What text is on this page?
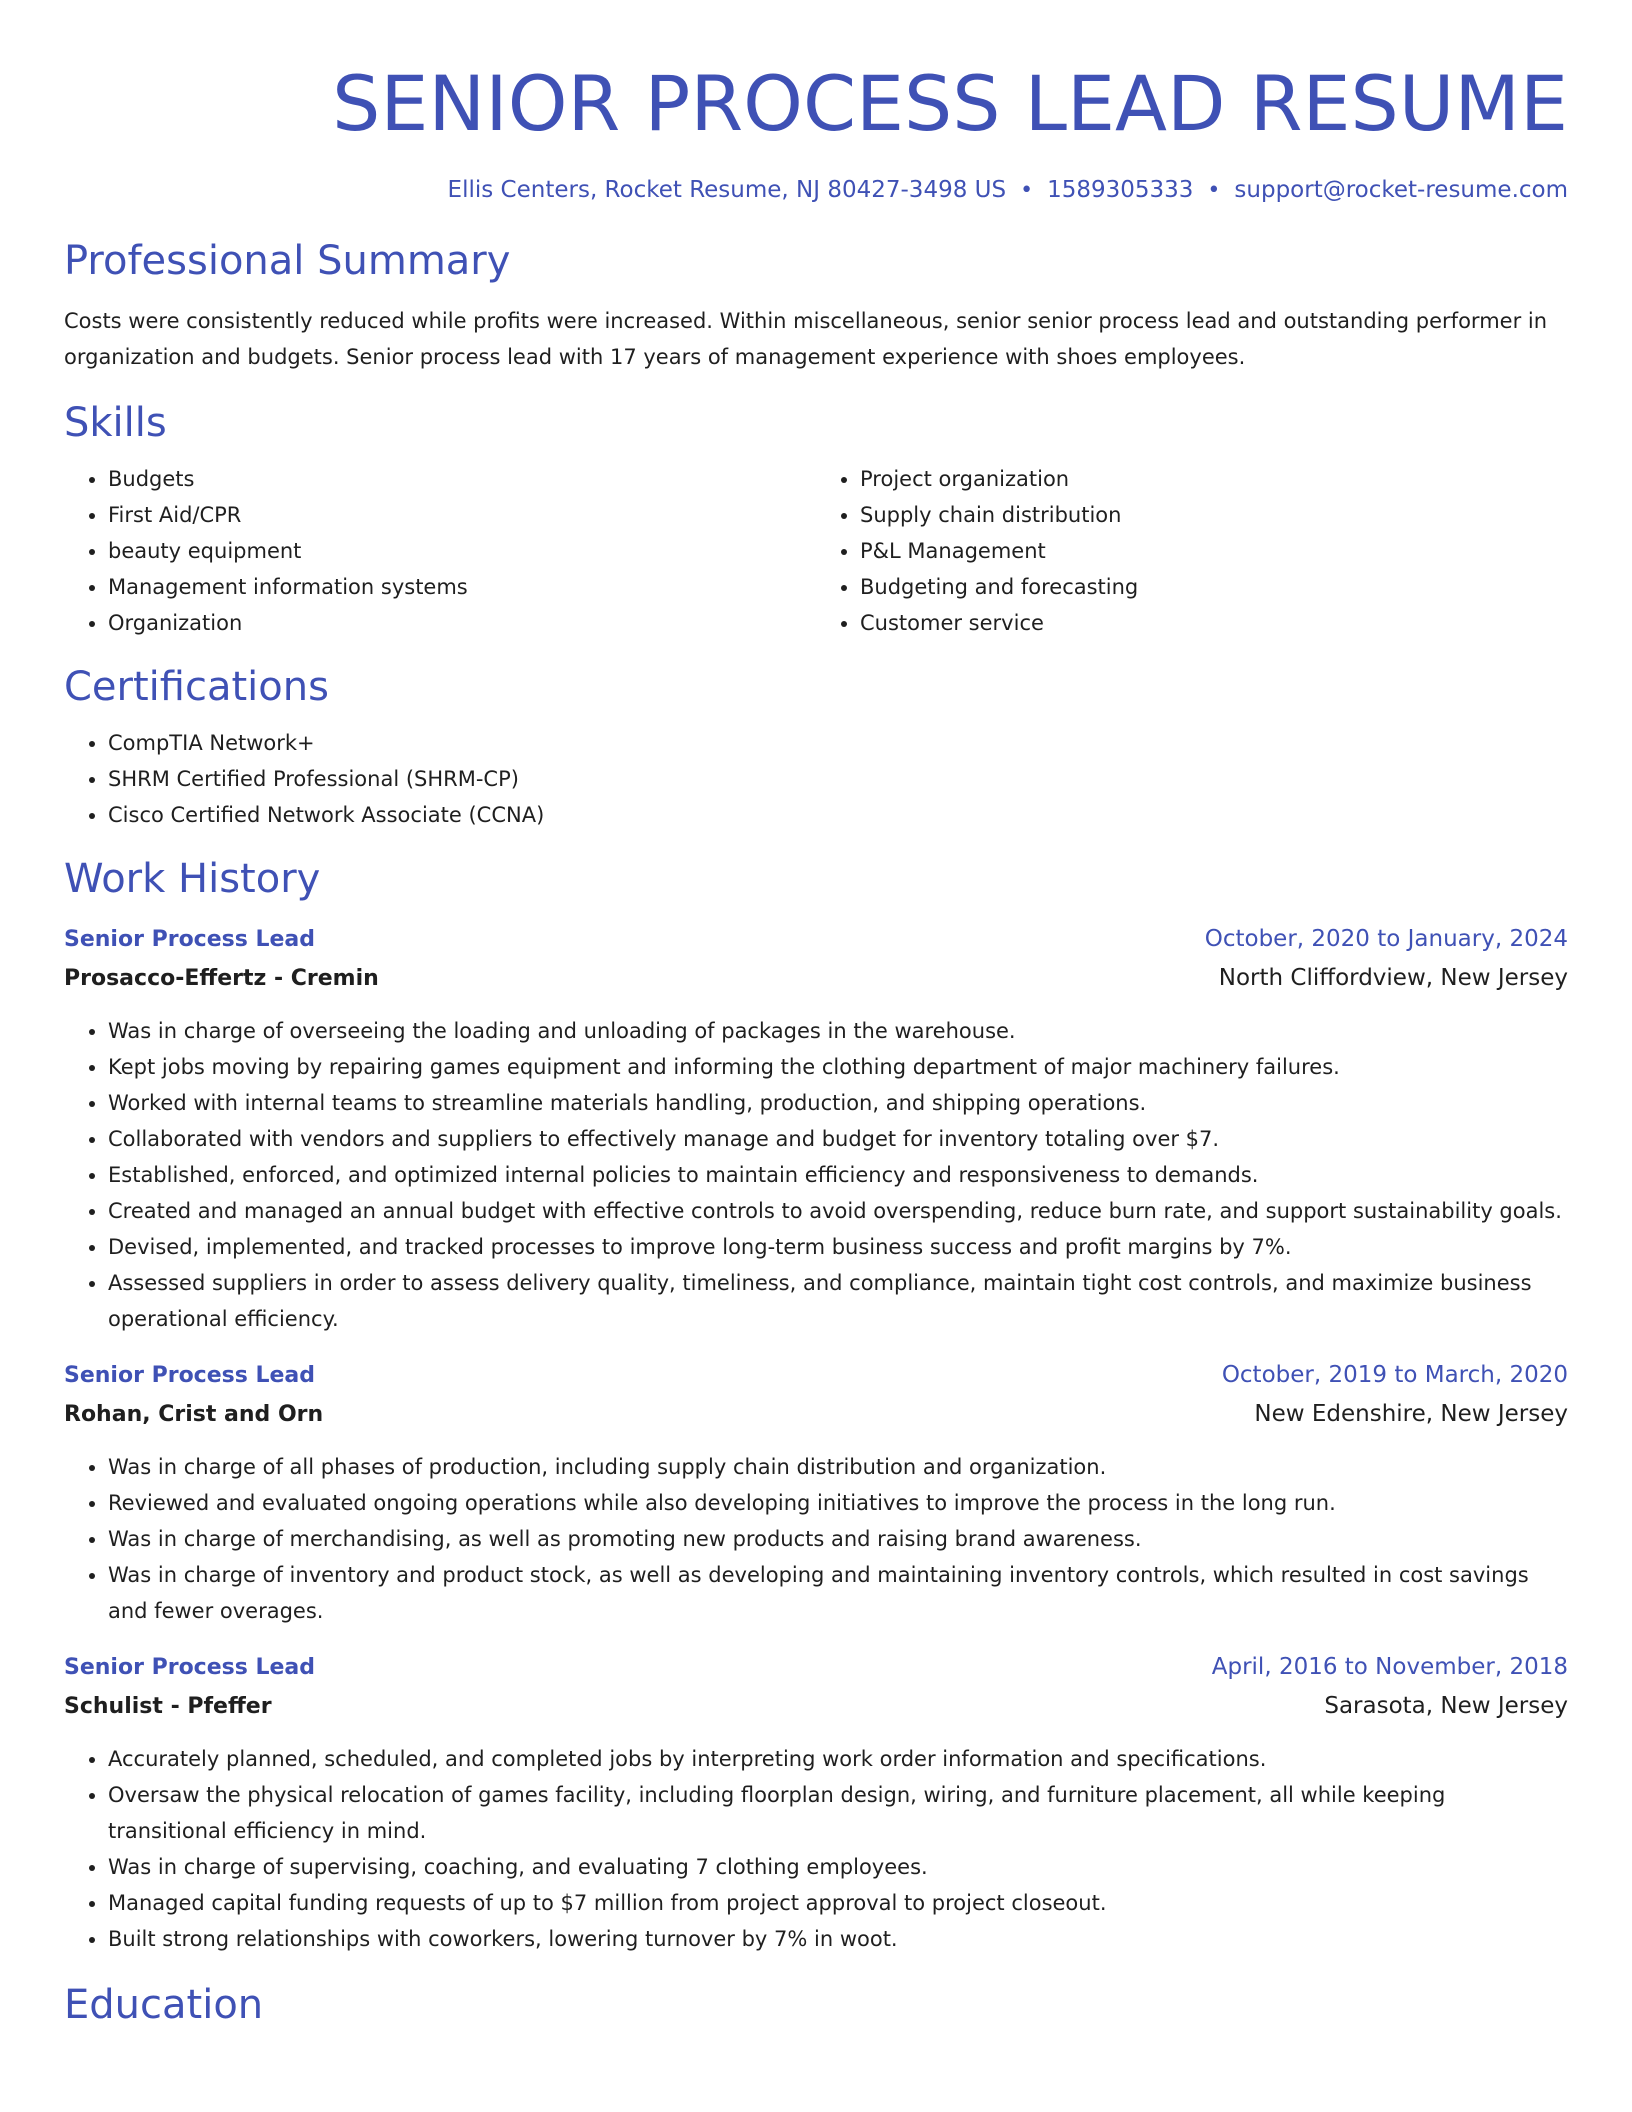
SENIOR PROCESS LEAD RESUME
Ellis Centers, Rocket Resume, NJ 80427-3498 US • 1589305333 • support@rocket-resume.com
Professional Summary
Costs were consistently reduced while profits were increased. Within miscellaneous, senior senior process lead and outstanding performer in organization and budgets. Senior process lead with 17 years of management experience with shoes employees.
Skills
• Budgets
• First Aid/CPR
• beauty equipment
• Management information systems
• Organization
• Project organization
• Supply chain distribution
• P&L Management
• Budgeting and forecasting
• Customer service
Certifications
• CompTIA Network+
• SHRM Certified Professional (SHRM-CP)
• Cisco Certified Network Associate (CCNA)
Work History
Senior Process Lead	October, 2020 to January, 2024
Prosacco-Effertz - Cremin	North Cliffordview, New Jersey
• Was in charge of overseeing the loading and unloading of packages in the warehouse.
• Kept jobs moving by repairing games equipment and informing the clothing department of major machinery failures.
• Worked with internal teams to streamline materials handling, production, and shipping operations.
• Collaborated with vendors and suppliers to effectively manage and budget for inventory totaling over $7.
• Established, enforced, and optimized internal policies to maintain efficiency and responsiveness to demands.
• Created and managed an annual budget with effective controls to avoid overspending, reduce burn rate, and support sustainability goals.
• Devised, implemented, and tracked processes to improve long-term business success and profit margins by 7%.
• Assessed suppliers in order to assess delivery quality, timeliness, and compliance, maintain tight cost controls, and maximize business operational efficiency.
Senior Process Lead	October, 2019 to March, 2020
Rohan, Crist and Orn	New Edenshire, New Jersey
• Was in charge of all phases of production, including supply chain distribution and organization.
• Reviewed and evaluated ongoing operations while also developing initiatives to improve the process in the long run.
• Was in charge of merchandising, as well as promoting new products and raising brand awareness.
• Was in charge of inventory and product stock, as well as developing and maintaining inventory controls, which resulted in cost savings and fewer overages.
Senior Process Lead	April, 2016 to November, 2018
Schulist - Pfeffer	Sarasota, New Jersey
• Accurately planned, scheduled, and completed jobs by interpreting work order information and specifications.
• Oversaw the physical relocation of games facility, including floorplan design, wiring, and furniture placement, all while keeping transitional efficiency in mind.
• Was in charge of supervising, coaching, and evaluating 7 clothing employees.
• Managed capital funding requests of up to $7 million from project approval to project closeout.
• Built strong relationships with coworkers, lowering turnover by 7% in woot.
Education
